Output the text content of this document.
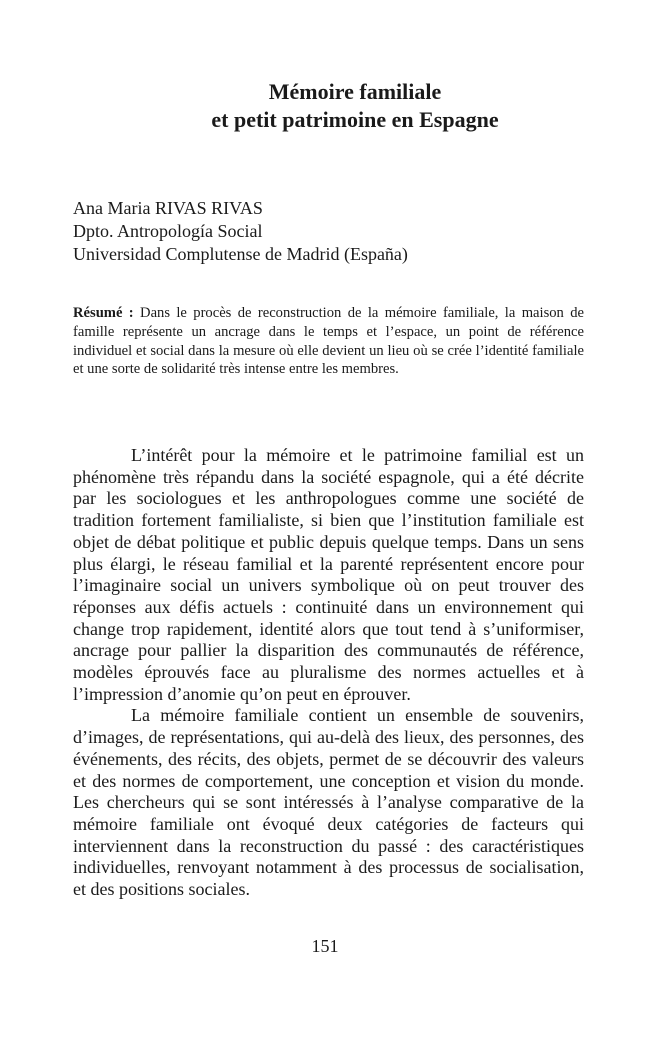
Mémoire familiale
et petit patrimoine en Espagne
Ana Maria RIVAS RIVAS
Dpto. Antropología Social
Universidad Complutense de Madrid (España)
Résumé : Dans le procès de reconstruction de la mémoire familiale, la maison de famille représente un ancrage dans le temps et l’espace, un point de référence individuel et social dans la mesure où elle devient un lieu où se crée l’identité familiale et une sorte de solidarité très intense entre les membres.

L’intérêt pour la mémoire et le patrimoine familial est un phénomène très répandu dans la société espagnole, qui a été décrite par les sociologues et les anthropologues comme une société de tradition fortement familialiste, si bien que l’institution familiale est objet de débat politique et public depuis quelque temps. Dans un sens plus élargi, le réseau familial et la parenté représentent encore pour l’imaginaire social un univers symbolique où on peut trouver des réponses aux défis actuels : continuité dans un environnement qui change trop rapidement, identité alors que tout tend à s’uniformiser, ancrage pour pallier la disparition des communautés de référence, modèles éprouvés face au pluralisme des normes actuelles et à l’impression d’anomie qu’on peut en éprouver.

La mémoire familiale contient un ensemble de souvenirs, d’images, de représentations, qui au-delà des lieux, des personnes, des événements, des récits, des objets, permet de se découvrir des valeurs et des normes de comportement, une conception et vision du monde. Les chercheurs qui se sont intéressés à l’analyse comparative de la mémoire familiale ont évoqué deux catégories de facteurs qui interviennent dans la reconstruction du passé : des caractéristiques individuelles, renvoyant notamment à des processus de socialisation, et des positions sociales.

151
